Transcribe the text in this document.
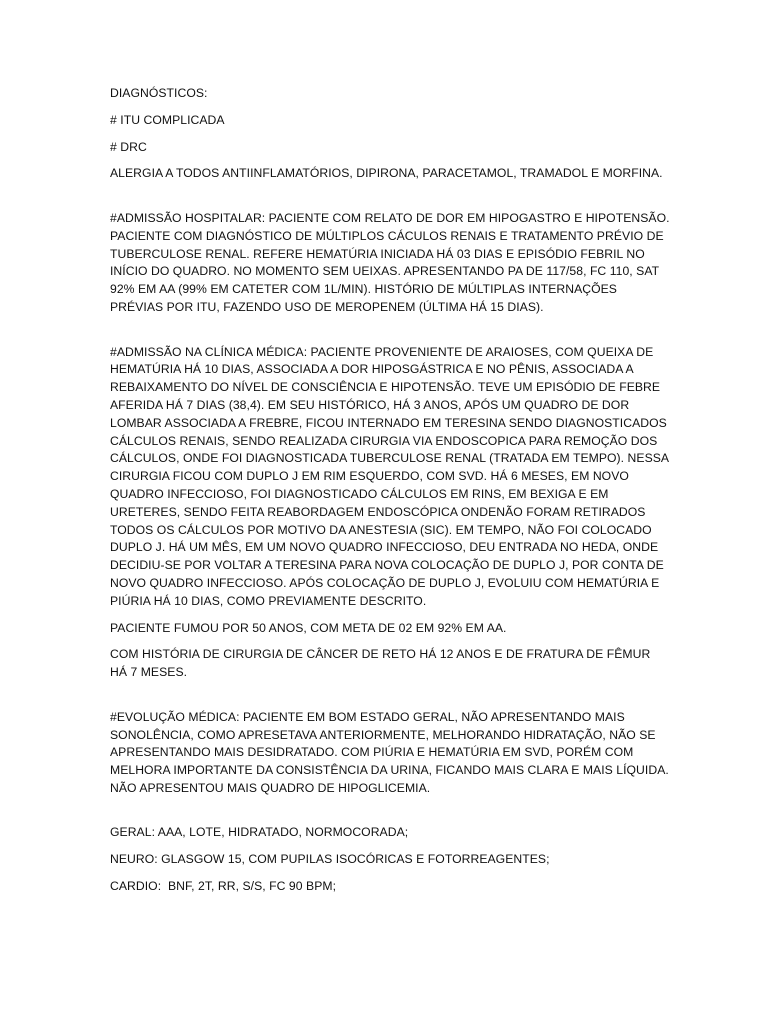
DIAGNÓSTICOS:

# ITU COMPLICADA

# DRC

ALERGIA A TODOS ANTIINFLAMATÓRIOS, DIPIRONA, PARACETAMOL, TRAMADOL E MORFINA.

#ADMISSÃO HOSPITALAR: PACIENTE COM RELATO DE DOR EM HIPOGASTRO E HIPOTENSÃO. PACIENTE COM DIAGNÓSTICO DE MÚLTIPLOS CÁCULOS RENAIS E TRATAMENTO PRÉVIO DE TUBERCULOSE RENAL. REFERE HEMATÚRIA INICIADA HÁ 03 DIAS E EPISÓDIO FEBRIL NO INÍCIO DO QUADRO. NO MOMENTO SEM UEIXAS. APRESENTANDO PA DE 117/58, FC 110, SAT 92% EM AA (99% EM CATETER COM 1L/MIN). HISTÓRIO DE MÚLTIPLAS INTERNAÇÕES PRÉVIAS POR ITU, FAZENDO USO DE MEROPENEM (ÚLTIMA HÁ 15 DIAS).

#ADMISSÃO NA CLÍNICA MÉDICA: PACIENTE PROVENIENTE DE ARAIOSES, COM QUEIXA DE HEMATÚRIA HÁ 10 DIAS, ASSOCIADA A DOR HIPOSGÁSTRICA E NO PÊNIS, ASSOCIADA A REBAIXAMENTO DO NÍVEL DE CONSCIÊNCIA E HIPOTENSÃO. TEVE UM EPISÓDIO DE FEBRE AFERIDA HÁ 7 DIAS (38,4). EM SEU HISTÓRICO, HÁ 3 ANOS, APÓS UM QUADRO DE DOR LOMBAR ASSOCIADA A FREBRE, FICOU INTERNADO EM TERESINA SENDO DIAGNOSTICADOS CÁLCULOS RENAIS, SENDO REALIZADA CIRURGIA VIA ENDOSCOPICA PARA REMOÇÃO DOS CÁLCULOS, ONDE FOI DIAGNOSTICADA TUBERCULOSE RENAL (TRATADA EM TEMPO). NESSA CIRURGIA FICOU COM DUPLO J EM RIM ESQUERDO, COM SVD. HÁ 6 MESES, EM NOVO QUADRO INFECCIOSO, FOI DIAGNOSTICADO CÁLCULOS EM RINS, EM BEXIGA E EM URETERES, SENDO FEITA REABORDAGEM ENDOSCÓPICA ONDENÃO FORAM RETIRADOS TODOS OS CÁLCULOS POR MOTIVO DA ANESTESIA (SIC). EM TEMPO, NÃO FOI COLOCADO DUPLO J. HÁ UM MÊS, EM UM NOVO QUADRO INFECCIOSO, DEU ENTRADA NO HEDA, ONDE DECIDIU-SE POR VOLTAR A TERESINA PARA NOVA COLOCAÇÃO DE DUPLO J, POR CONTA DE NOVO QUADRO INFECCIOSO. APÓS COLOCAÇÃO DE DUPLO J, EVOLUIU COM HEMATÚRIA E PIÚRIA HÁ 10 DIAS, COMO PREVIAMENTE DESCRITO.

PACIENTE FUMOU POR 50 ANOS, COM META DE 02 EM 92% EM AA.

COM HISTÓRIA DE CIRURGIA DE CÂNCER DE RETO HÁ 12 ANOS E DE FRATURA DE FÊMUR HÁ 7 MESES.

#EVOLUÇÃO MÉDICA: PACIENTE EM BOM ESTADO GERAL, NÃO APRESENTANDO MAIS SONOLÊNCIA, COMO APRESETAVA ANTERIORMENTE, MELHORANDO HIDRATAÇÃO, NÃO SE APRESENTANDO MAIS DESIDRATADO. COM PIÚRIA E HEMATÚRIA EM SVD, PORÉM COM MELHORA IMPORTANTE DA CONSISTÊNCIA DA URINA, FICANDO MAIS CLARA E MAIS LÍQUIDA. NÃO APRESENTOU MAIS QUADRO DE HIPOGLICEMIA.

GERAL: AAA, LOTE, HIDRATADO, NORMOCORADA;

NEURO: GLASGOW 15, COM PUPILAS ISOCÓRICAS E FOTORREAGENTES;

CARDIO:  BNF, 2T, RR, S/S, FC 90 BPM;
